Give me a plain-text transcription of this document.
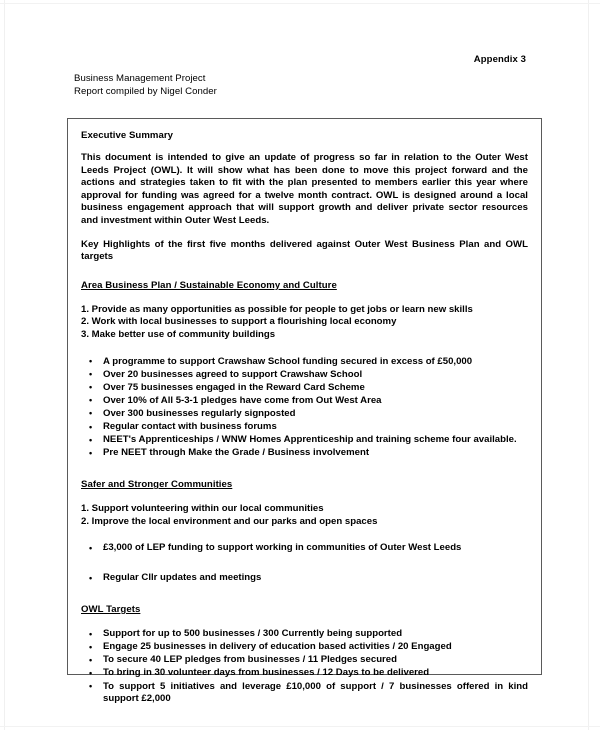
Appendix 3
Business Management Project
Report compiled by Nigel Conder
Executive Summary

This document is intended to give an update of progress so far in relation to the Outer West Leeds Project (OWL). It will show what has been done to move this project forward and the actions and strategies taken to fit with the plan presented to members earlier this year where approval for funding was agreed for a twelve month contract. OWL is designed around a local business engagement approach that will support growth and deliver private sector resources and investment within Outer West Leeds.

Key Highlights of the first five months delivered against Outer West Business Plan and OWL targets

Area Business Plan / Sustainable Economy and Culture
1. Provide as many opportunities as possible for people to get jobs or learn new skills
2. Work with local businesses to support a flourishing local economy
3. Make better use of community buildings
• A programme to support Crawshaw School funding secured in excess of £50,000
• Over 20 businesses agreed to support Crawshaw School
• Over 75 businesses engaged in the Reward Card Scheme
• Over 10% of All 5-3-1 pledges have come from Out West Area
• Over 300 businesses regularly signposted
• Regular contact with business forums
• NEET's Apprenticeships / WNW Homes Apprenticeship and training scheme four available.
• Pre NEET through Make the Grade / Business involvement
Safer and Stronger Communities
1. Support volunteering within our local communities
2. Improve the local environment and our parks and open spaces
• £3,000 of LEP funding to support working in communities of Outer West Leeds
• Regular Cllr updates and meetings
OWL Targets
• Support for up to 500 businesses / 300 Currently being supported
• Engage 25 businesses in delivery of education based activities / 20 Engaged
• To secure 40 LEP pledges from businesses / 11 Pledges secured
• To bring in 30 volunteer days from businesses / 12 Days to be delivered
• To support 5 initiatives and leverage £10,000 of support / 7 businesses offered in kind support £2,000
